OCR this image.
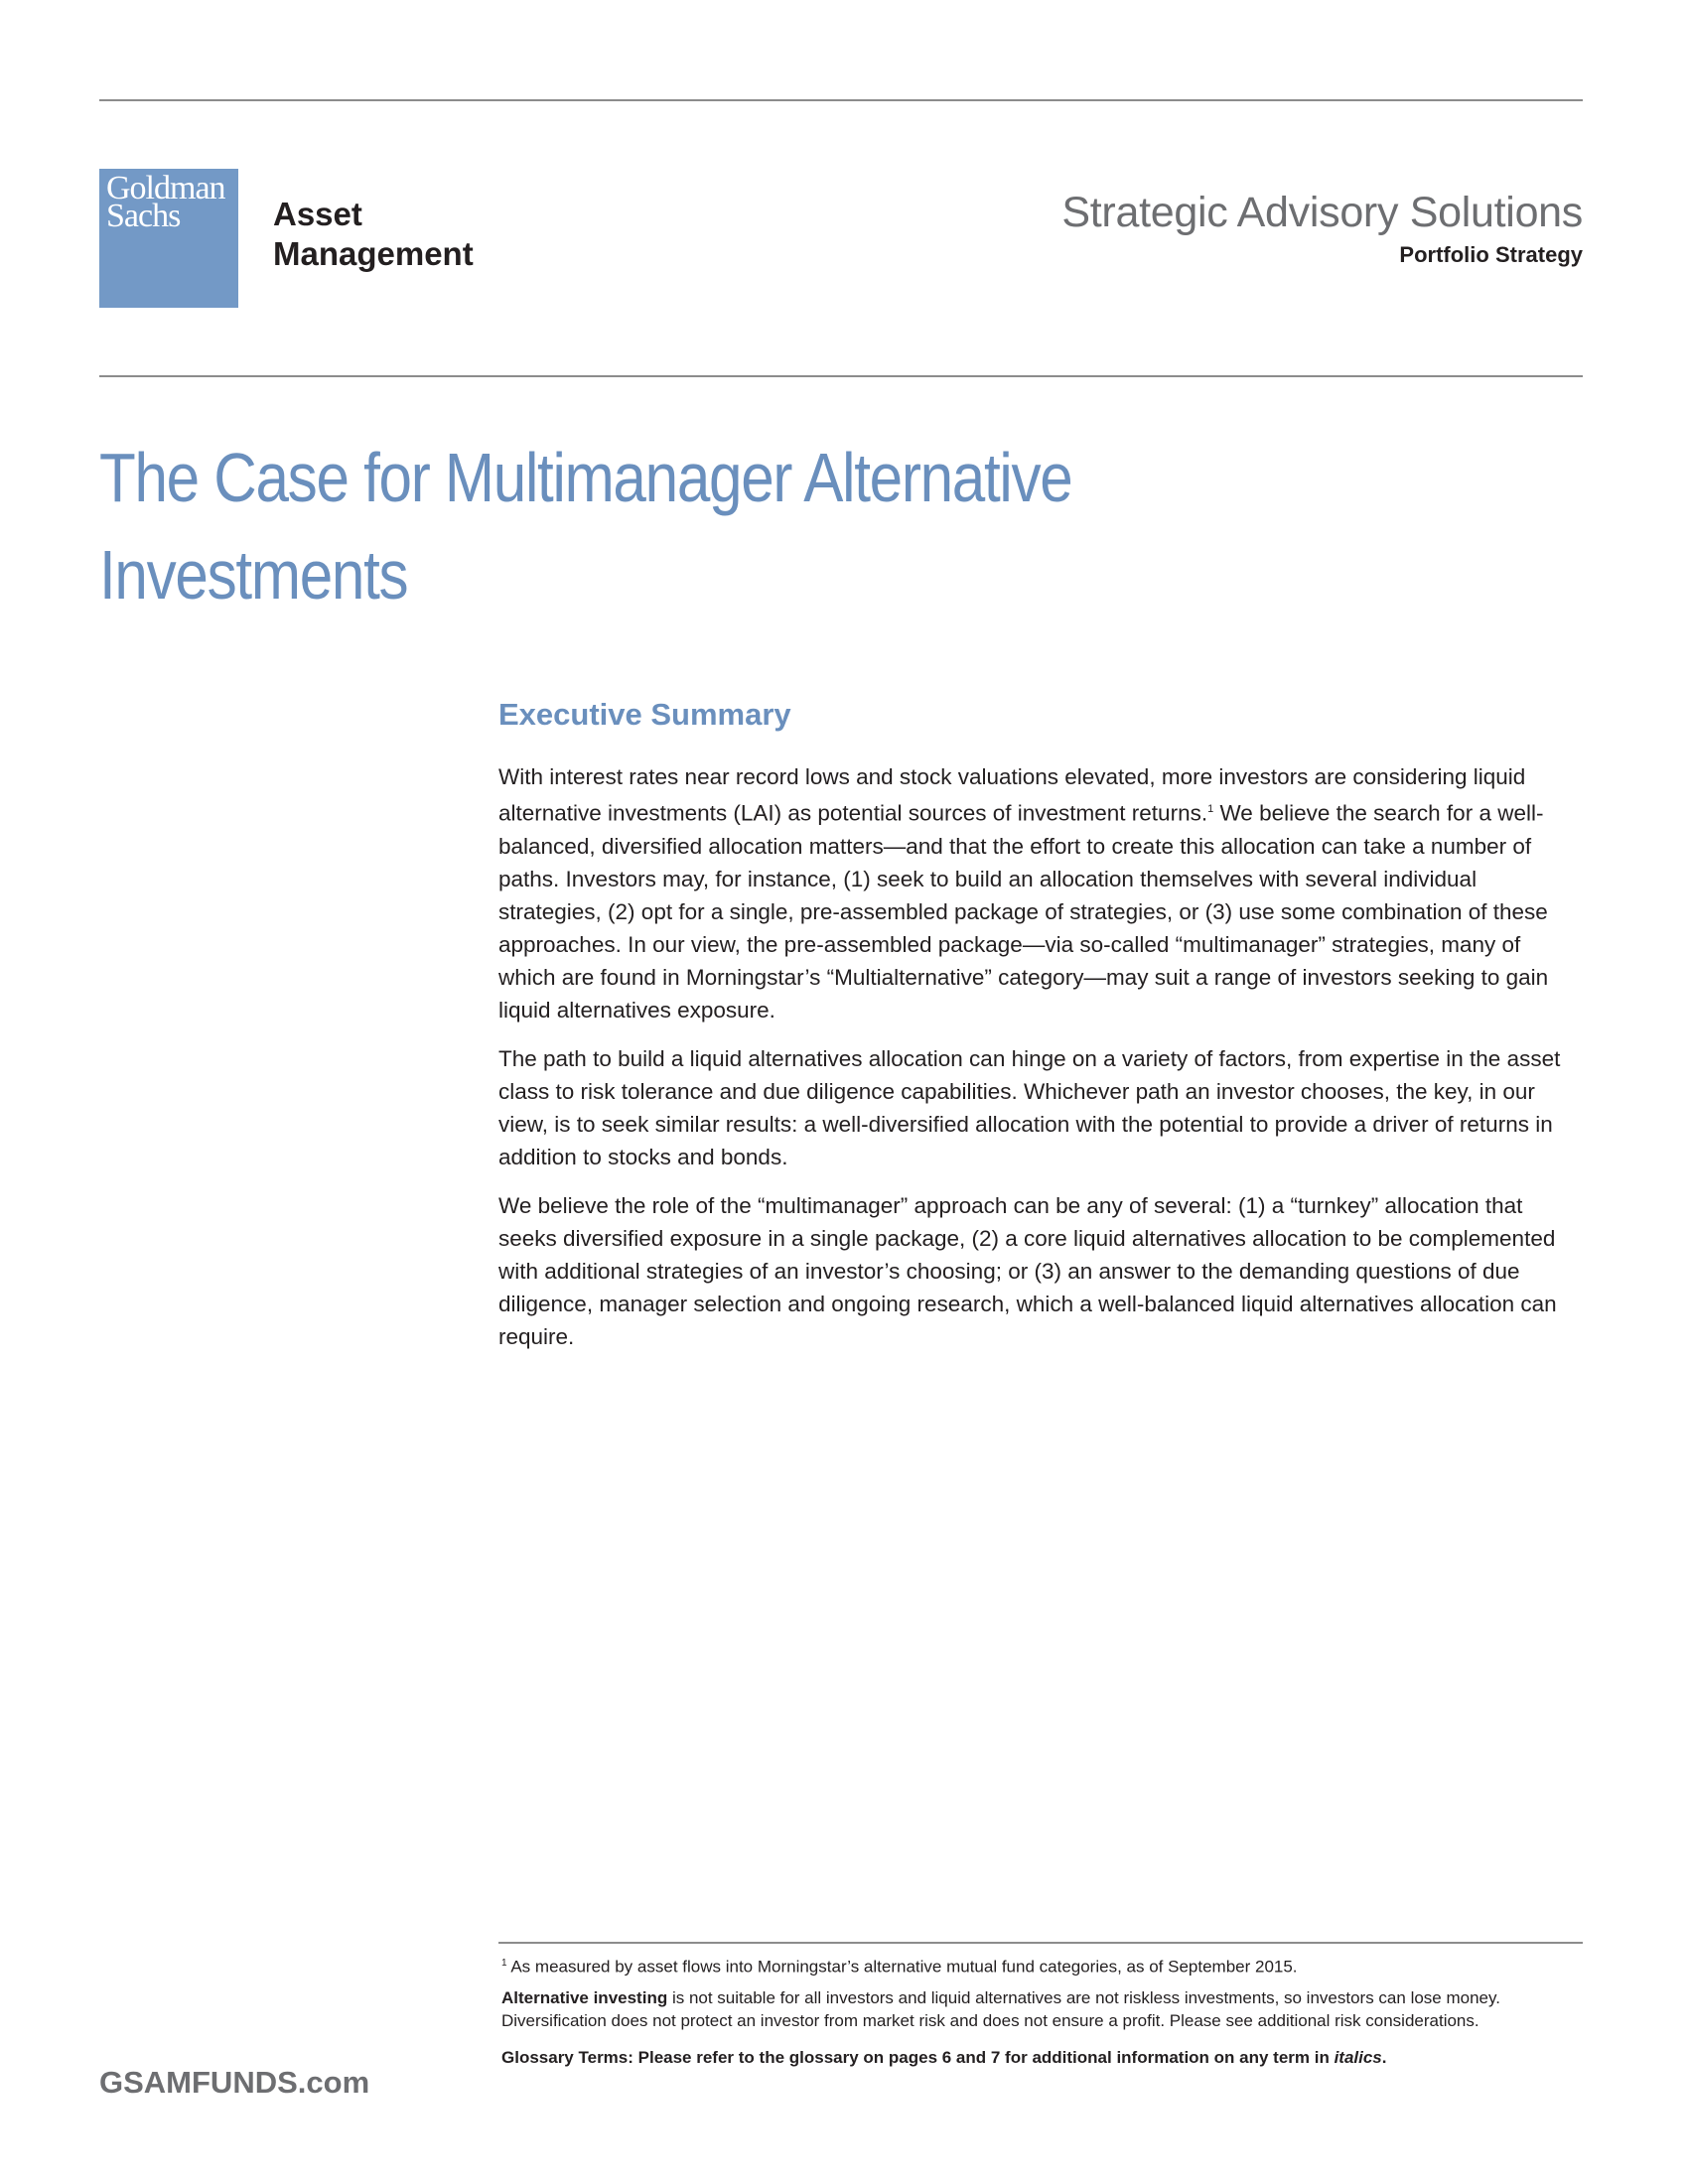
Goldman
Sachs	Asset
Management
Strategic Advisory Solutions
Portfolio Strategy
The Case for Multimanager Alternative Investments
Executive Summary

With interest rates near record lows and stock valuations elevated, more investors are considering liquid alternative investments (LAI) as potential sources of investment returns.$^1$ We believe the search for a well-balanced, diversified allocation matters—and that the effort to create this allocation can take a number of paths. Investors may, for instance, (1) seek to build an allocation themselves with several individual strategies, (2) opt for a single, pre-assembled package of strategies, or (3) use some combination of these approaches. In our view, the pre-assembled package—via so-called “multimanager” strategies, many of which are found in Morningstar’s “Multialternative” category—may suit a range of investors seeking to gain liquid alternatives exposure.

The path to build a liquid alternatives allocation can hinge on a variety of factors, from expertise in the asset class to risk tolerance and due diligence capabilities. Whichever path an investor chooses, the key, in our view, is to seek similar results: a well-diversified allocation with the potential to provide a driver of returns in addition to stocks and bonds.

We believe the role of the “multimanager” approach can be any of several: (1) a “turnkey” allocation that seeks diversified exposure in a single package, (2) a core liquid alternatives allocation to be complemented with additional strategies of an investor’s choosing; or (3) an answer to the demanding questions of due diligence, manager selection and ongoing research, which a well-balanced liquid alternatives allocation can require.

$^1$ As measured by asset flows into Morningstar’s alternative mutual fund categories, as of September 2015.

Alternative investing is not suitable for all investors and liquid alternatives are not riskless investments, so investors can lose money. Diversification does not protect an investor from market risk and does not ensure a profit. Please see additional risk considerations.

Glossary Terms: Please refer to the glossary on pages 6 and 7 for additional information on any term in italics.

GSAMFUNDS.com
